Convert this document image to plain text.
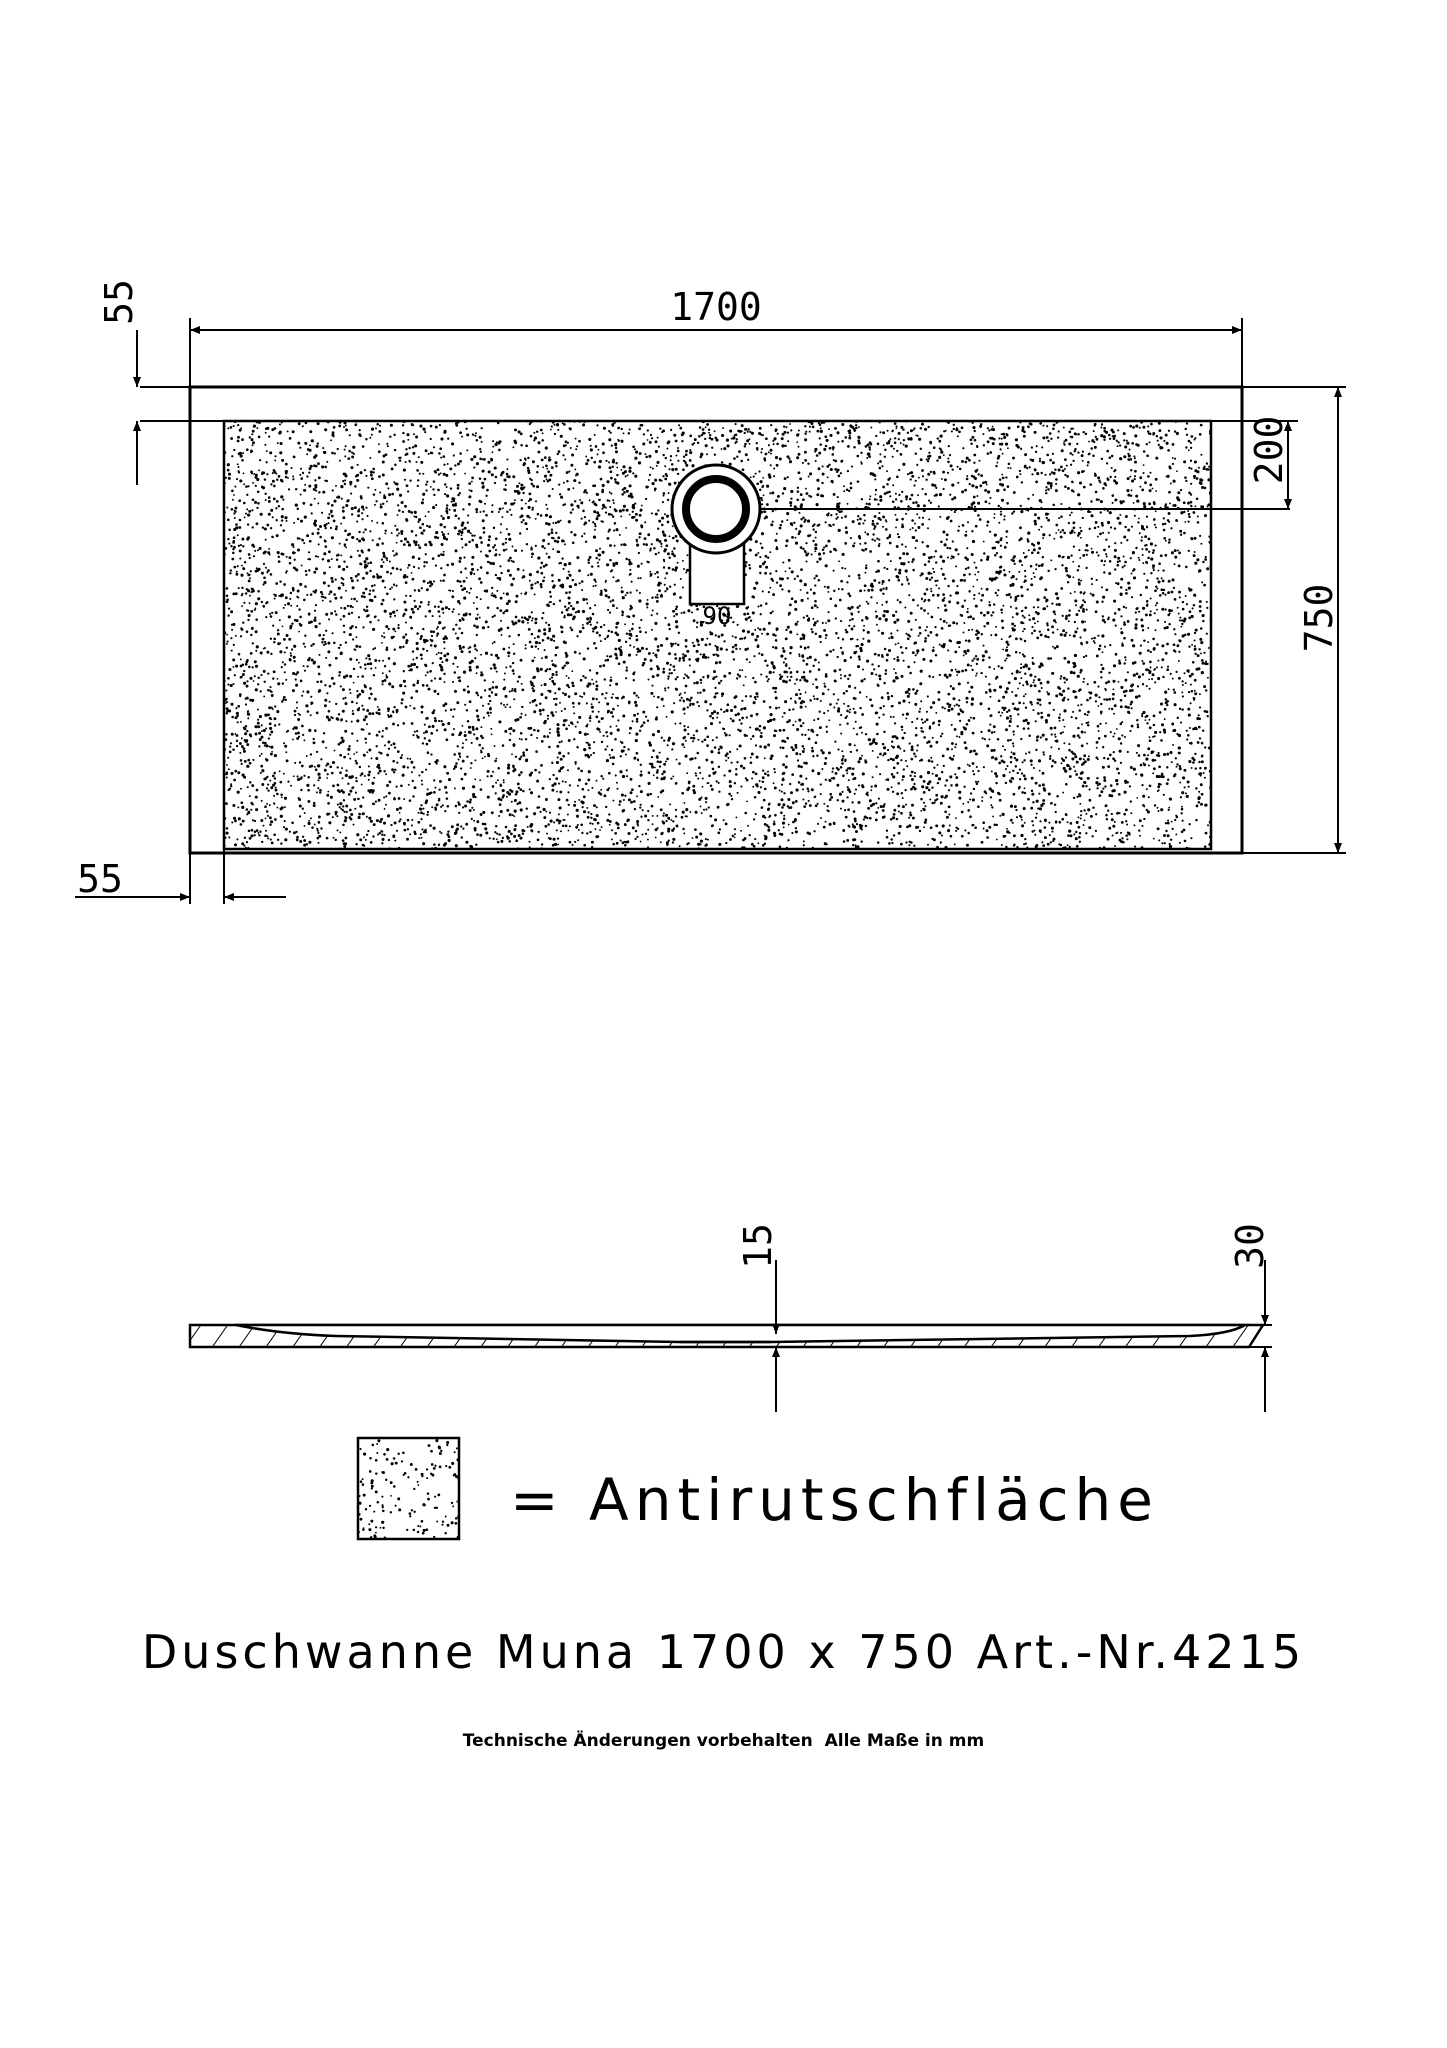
1700
55
750
200
55
90
15	30
= Antirutschfläche
Duschwanne Muna 1700 x 750 Art.-Nr.4215
Technische Änderungen vorbehalten  Alle Maße in mm
